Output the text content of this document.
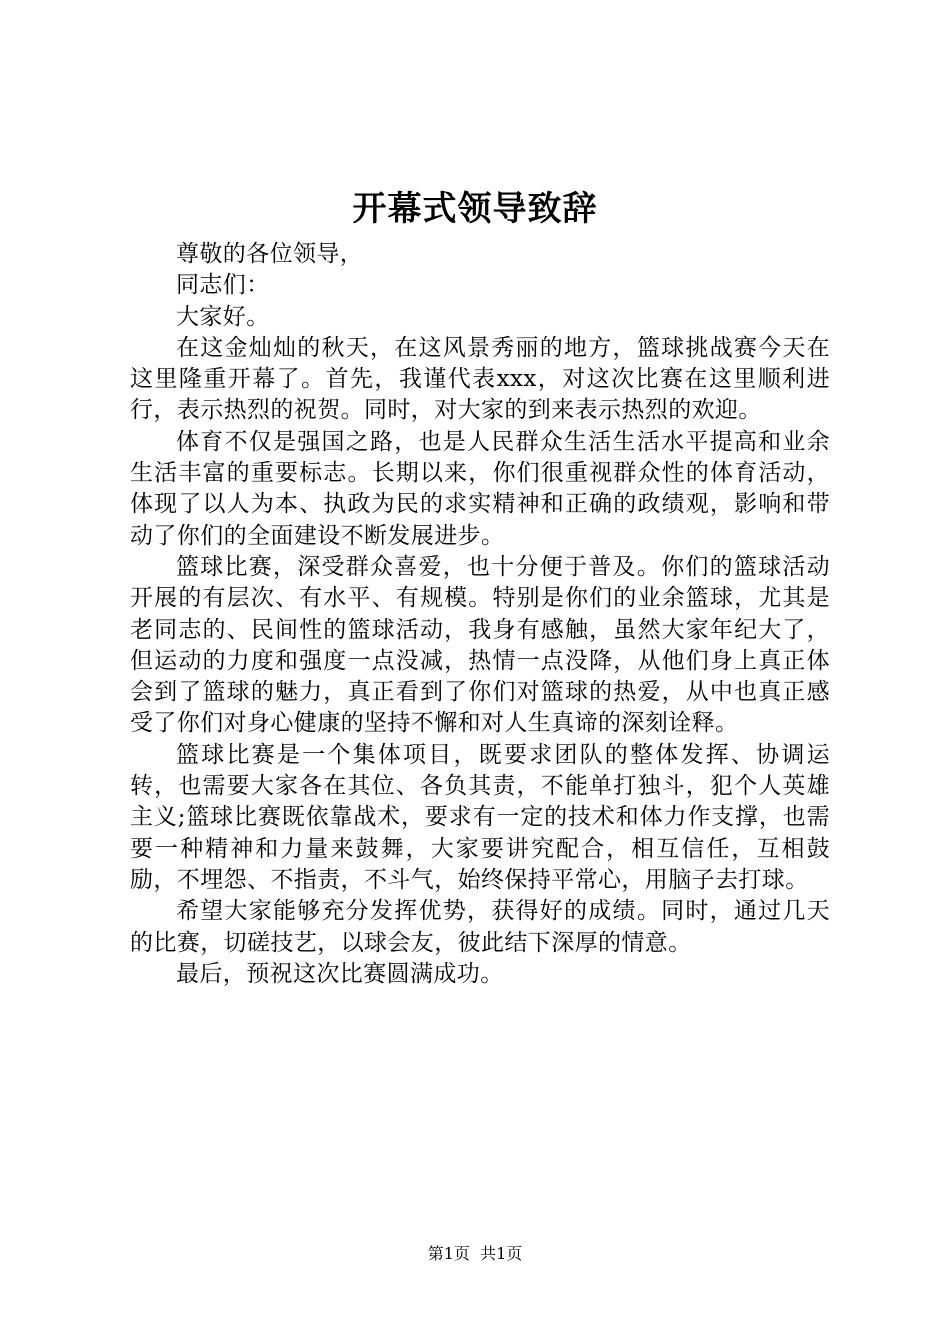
开幕式领导致辞

尊敬的各位领导，

同志们：

大家好。

在这金灿灿的秋天，在这风景秀丽的地方，篮球挑战赛今天在这里隆重开幕了。首先，我谨代表xxx，对这次比赛在这里顺利进行，表示热烈的祝贺。同时，对大家的到来表示热烈的欢迎。

体育不仅是强国之路，也是人民群众生活生活水平提高和业余生活丰富的重要标志。长期以来，你们很重视群众性的体育活动，体现了以人为本、执政为民的求实精神和正确的政绩观，影响和带动了你们的全面建设不断发展进步。

篮球比赛，深受群众喜爱，也十分便于普及。你们的篮球活动开展的有层次、有水平、有规模。特别是你们的业余篮球，尤其是老同志的、民间性的篮球活动，我身有感触，虽然大家年纪大了，但运动的力度和强度一点没减，热情一点没降，从他们身上真正体会到了篮球的魅力，真正看到了你们对篮球的热爱，从中也真正感受了你们对身心健康的坚持不懈和对人生真谛的深刻诠释。

篮球比赛是一个集体项目，既要求团队的整体发挥、协调运转，也需要大家各在其位、各负其责，不能单打独斗，犯个人英雄主义;篮球比赛既依靠战术，要求有一定的技术和体力作支撑，也需要一种精神和力量来鼓舞，大家要讲究配合，相互信任，互相鼓励，不埋怨、不指责，不斗气，始终保持平常心，用脑子去打球。

希望大家能够充分发挥优势，获得好的成绩。同时，通过几天的比赛，切磋技艺，以球会友，彼此结下深厚的情意。

最后，预祝这次比赛圆满成功。

第1页  共1页
